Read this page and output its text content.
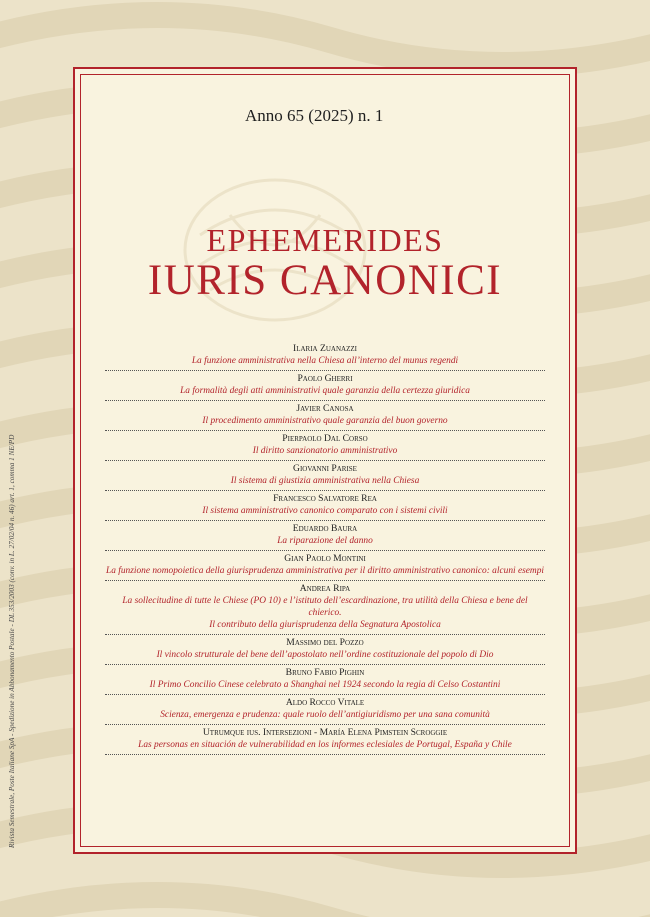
Rivista Semestrale, Poste Italiane SpA - Spedizione in Abbonamento Postale - DL 353/2003 (conv. in L. 27/02/04 n. 46) art. 1, comma 1 NE/PD
Anno 65 (2025) n. 1
EPHEMERIDES
IURIS CANONICI
Ilaria Zuanazzi
La funzione amministrativa nella Chiesa all’interno del munus regendi
Paolo Gherri
La formalità degli atti amministrativi quale garanzia della certezza giuridica
Javier Canosa
Il procedimento amministrativo quale garanzia del buon governo
Pierpaolo Dal Corso
Il diritto sanzionatorio amministrativo
Giovanni Parise
Il sistema di giustizia amministrativa nella Chiesa
Francesco Salvatore Rea
Il sistema amministrativo canonico comparato con i sistemi civili
Eduardo Baura
La riparazione del danno
Gian Paolo Montini
La funzione nomopoietica della giurisprudenza amministrativa per il diritto amministrativo canonico: alcuni esempi
Andrea Ripa
La sollecitudine di tutte le Chiese (PO 10) e l’istituto dell’escardinazione, tra utilità della Chiesa e bene del chierico.
Il contributo della giurisprudenza della Segnatura Apostolica
Massimo del Pozzo
Il vincolo strutturale del bene dell’apostolato nell’ordine costituzionale del popolo di Dio
Bruno Fabio Pighin
Il Primo Concilio Cinese celebrato a Shanghai nel 1924 secondo la regia di Celso Costantini
Aldo Rocco Vitale
Scienza, emergenza e prudenza: quale ruolo dell’antigiuridismo per una sana comunità
Utrumque ius. Intersezioni - María Elena Pimstein Scroggie
Las personas en situación de vulnerabilidad en los informes eclesiales de Portugal, España y Chile
